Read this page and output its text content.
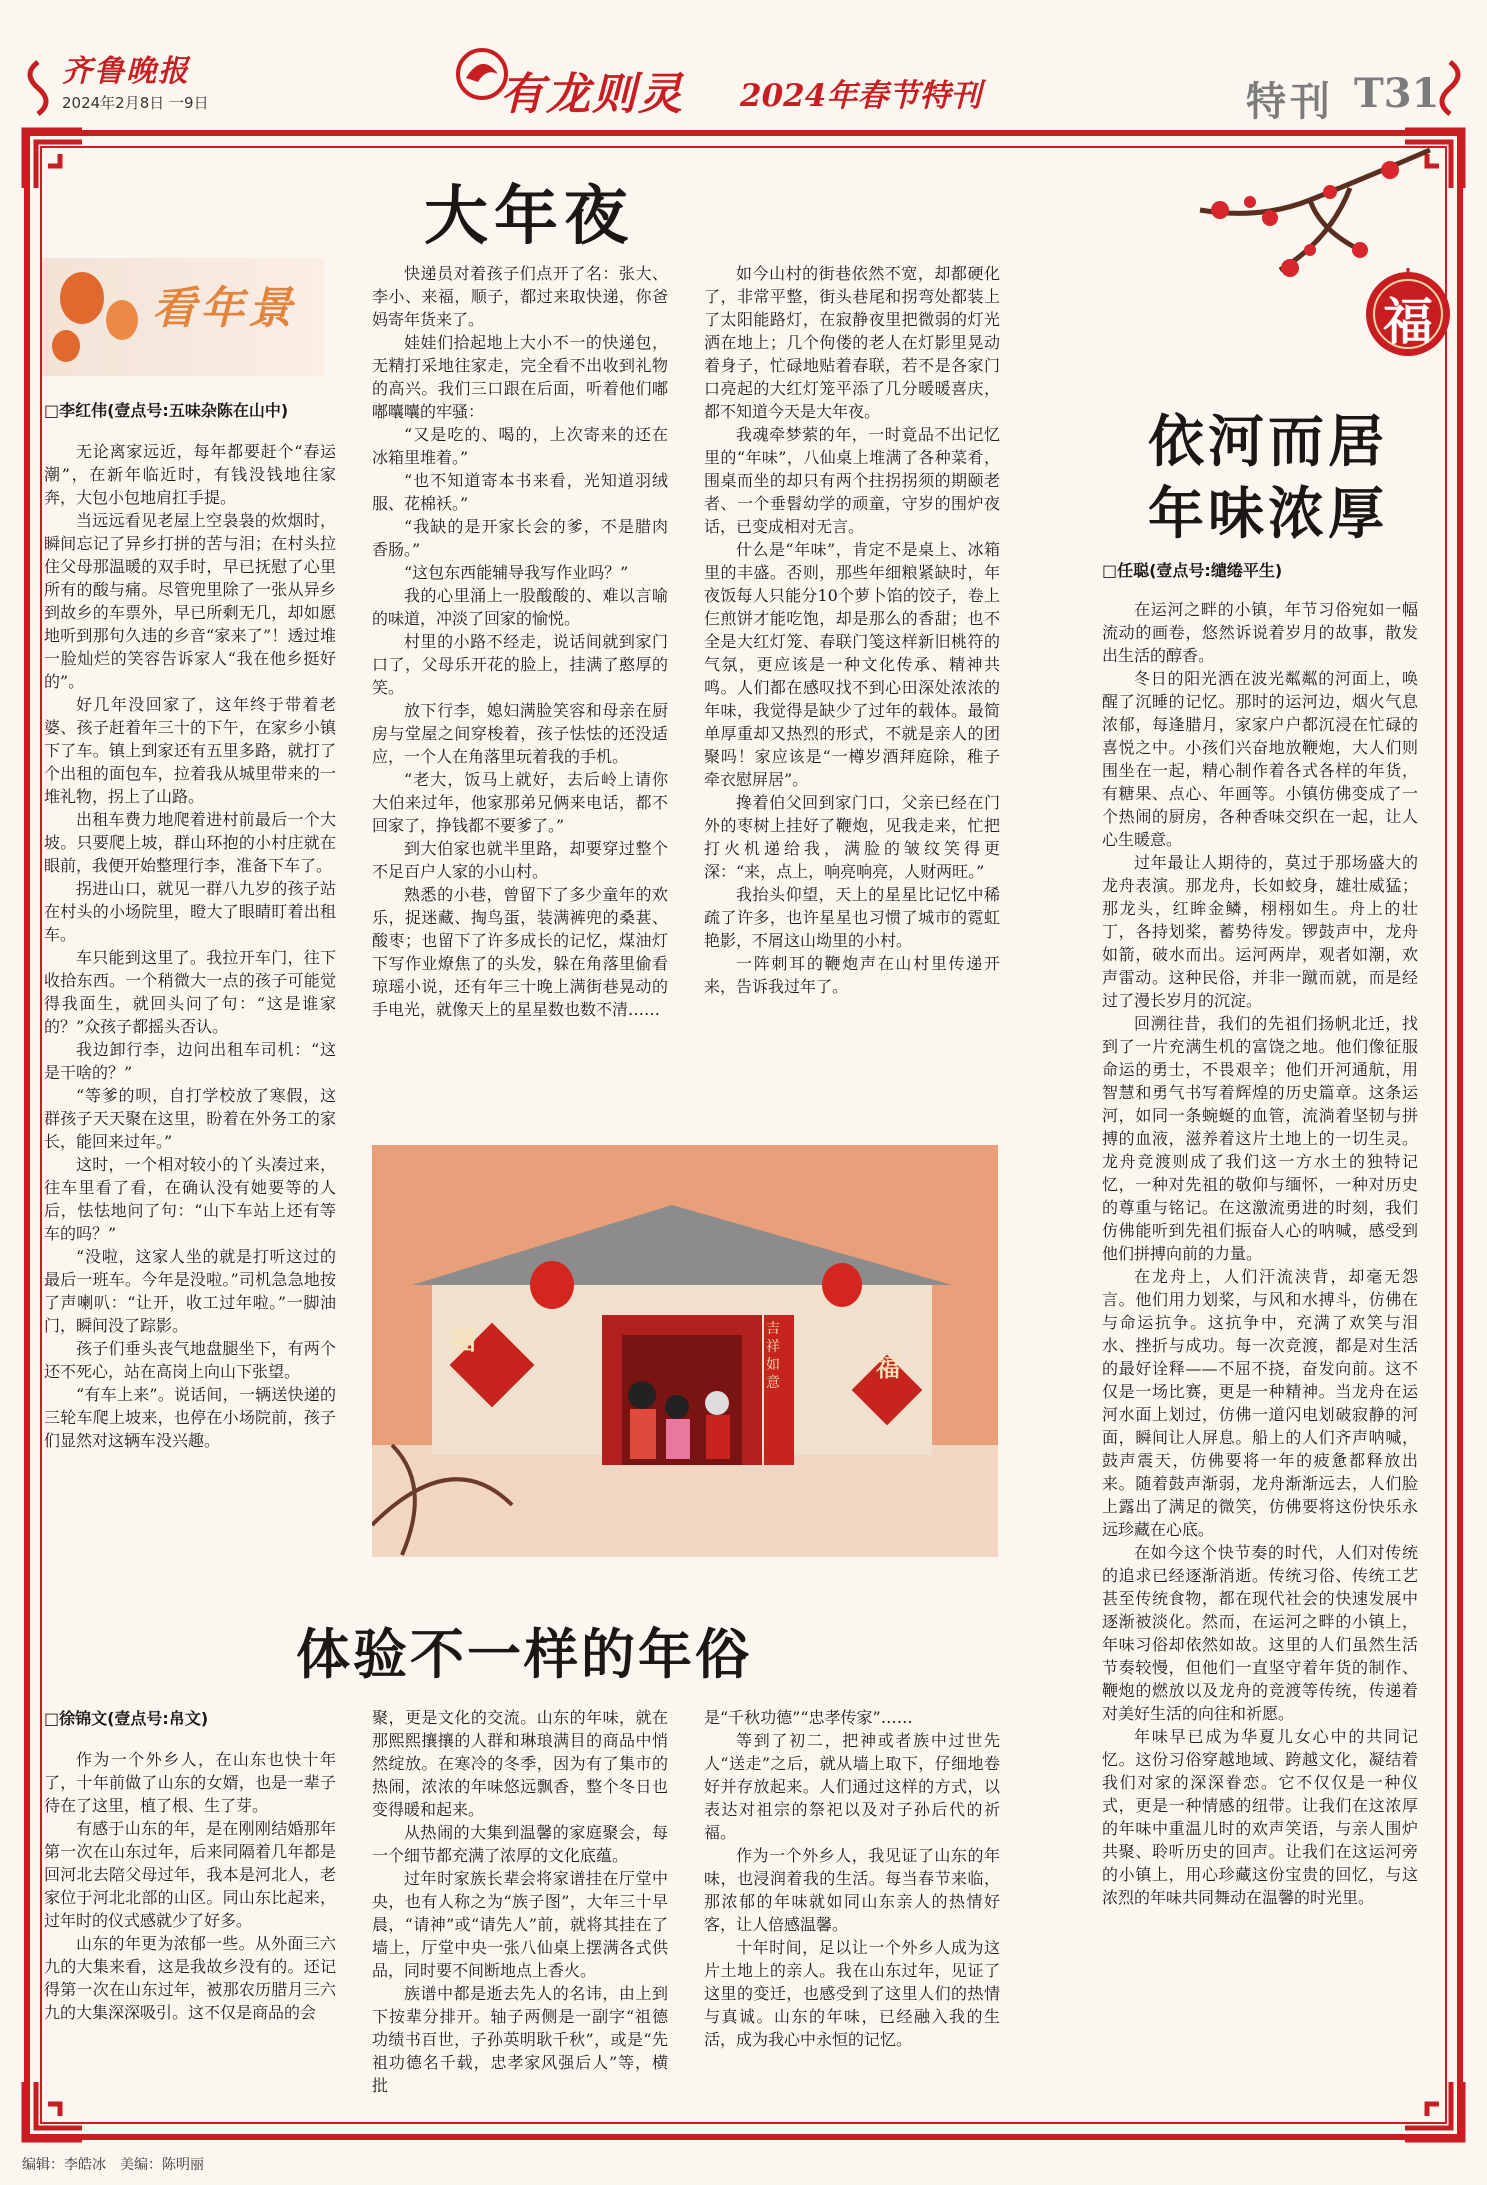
齐鲁晚报
2024年2月8日 一9日	有龙则灵 2024年春节特刊	特刊 T31
福
大年夜
看年景
□李红伟(壹点号:五味杂陈在山中)

无论离家远近，每年都要赶个“春运潮”，在新年临近时，有钱没钱地往家奔，大包小包地肩扛手提。

当远远看见老屋上空袅袅的炊烟时，瞬间忘记了异乡打拼的苦与泪；在村头拉住父母那温暖的双手时，早已抚慰了心里所有的酸与痛。尽管兜里除了一张从异乡到故乡的车票外，早已所剩无几，却如愿地听到那句久违的乡音“家来了”！透过堆一脸灿烂的笑容告诉家人“我在他乡挺好的”。

好几年没回家了，这年终于带着老婆、孩子赶着年三十的下午，在家乡小镇下了车。镇上到家还有五里多路，就打了个出租的面包车，拉着我从城里带来的一堆礼物，拐上了山路。

出租车费力地爬着进村前最后一个大坡。只要爬上坡，群山环抱的小村庄就在眼前，我便开始整理行李，准备下车了。

拐进山口，就见一群八九岁的孩子站在村头的小场院里，瞪大了眼睛盯着出租车。

车只能到这里了。我拉开车门，往下收拾东西。一个稍微大一点的孩子可能觉得我面生，就回头问了句：“这是谁家的？”众孩子都摇头否认。

我边卸行李，边问出租车司机：“这是干啥的？”

“等爹的呗，自打学校放了寒假，这群孩子天天聚在这里，盼着在外务工的家长，能回来过年。”

这时，一个相对较小的丫头凑过来，往车里看了看，在确认没有她要等的人后，怯怯地问了句：“山下车站上还有等车的吗？”

“没啦，这家人坐的就是打听这过的最后一班车。今年是没啦。”司机急急地按了声喇叭：“让开，收工过年啦。”一脚油门，瞬间没了踪影。

孩子们垂头丧气地盘腿坐下，有两个还不死心，站在高岗上向山下张望。

“有车上来”。说话间，一辆送快递的三轮车爬上坡来，也停在小场院前，孩子们显然对这辆车没兴趣。

快递员对着孩子们点开了名：张大、李小、来福，顺子，都过来取快递，你爸妈寄年货来了。

娃娃们拾起地上大小不一的快递包，无精打采地往家走，完全看不出收到礼物的高兴。我们三口跟在后面，听着他们嘟嘟囔囔的牢骚：

“又是吃的、喝的，上次寄来的还在冰箱里堆着。”

“也不知道寄本书来看，光知道羽绒服、花棉袄。”

“我缺的是开家长会的爹，不是腊肉香肠。”

“这包东西能辅导我写作业吗？”

我的心里涌上一股酸酸的、难以言喻的味道，冲淡了回家的愉悦。

村里的小路不经走，说话间就到家门口了，父母乐开花的脸上，挂满了憨厚的笑。

放下行李，媳妇满脸笑容和母亲在厨房与堂屋之间穿梭着，孩子怯怯的还没适应，一个人在角落里玩着我的手机。

“老大，饭马上就好，去后岭上请你大伯来过年，他家那弟兄俩来电话，都不回家了，挣钱都不要爹了。”

到大伯家也就半里路，却要穿过整个不足百户人家的小山村。

熟悉的小巷，曾留下了多少童年的欢乐，捉迷藏、掏鸟蛋，装满裤兜的桑葚、酸枣；也留下了许多成长的记忆，煤油灯下写作业燎焦了的头发，躲在角落里偷看琼瑶小说，还有年三十晚上满街巷晃动的手电光，就像天上的星星数也数不清……

如今山村的街巷依然不宽，却都硬化了，非常平整，街头巷尾和拐弯处都装上了太阳能路灯，在寂静夜里把微弱的灯光洒在地上；几个佝偻的老人在灯影里晃动着身子，忙碌地贴着春联，若不是各家门口亮起的大红灯笼平添了几分暖暖喜庆，都不知道今天是大年夜。

我魂牵梦萦的年，一时竟品不出记忆里的“年味”，八仙桌上堆满了各种菜肴，围桌而坐的却只有两个拄拐拐须的期颐老者、一个垂髫幼学的顽童，守岁的围炉夜话，已变成相对无言。

什么是“年味”，肯定不是桌上、冰箱里的丰盛。否则，那些年细粮紧缺时，年夜饭每人只能分10个萝卜馅的饺子，卷上仨煎饼才能吃饱，却是那么的香甜；也不全是大红灯笼、春联门笺这样新旧桃符的气氛，更应该是一种文化传承、精神共鸣。人们都在感叹找不到心田深处浓浓的年味，我觉得是缺少了过年的载体。最简单厚重却又热烈的形式，不就是亲人的团聚吗！家应该是“一樽岁酒拜庭除，稚子牵衣慰屏居”。

搀着伯父回到家门口，父亲已经在门外的枣树上挂好了鞭炮，见我走来，忙把打火机递给我，满脸的皱纹笑得更深：“来，点上，响亮响亮，人财两旺。”

我抬头仰望，天上的星星比记忆中稀疏了许多，也许星星也习惯了城市的霓虹艳影，不屑这山坳里的小村。

一阵刺耳的鞭炮声在山村里传递开来，告诉我过年了。

福
福
吉祥如意
体验不一样的年俗
□徐锦文(壹点号:帛文)

作为一个外乡人，在山东也快十年了，十年前做了山东的女婿，也是一辈子待在了这里，植了根、生了芽。

有感于山东的年，是在刚刚结婚那年第一次在山东过年，后来同隔着几年都是回河北去陪父母过年，我本是河北人，老家位于河北北部的山区。同山东比起来，过年时的仪式感就少了好多。

山东的年更为浓郁一些。从外面三六九的大集来看，这是我故乡没有的。还记得第一次在山东过年，被那农历腊月三六九的大集深深吸引。这不仅是商品的会

聚，更是文化的交流。山东的年味，就在那熙熙攘攘的人群和琳琅满目的商品中悄然绽放。在寒冷的冬季，因为有了集市的热闹，浓浓的年味悠远飘香，整个冬日也变得暖和起来。

从热闹的大集到温馨的家庭聚会，每一个细节都充满了浓厚的文化底蕴。

过年时家族长辈会将家谱挂在厅堂中央，也有人称之为“族子图”，大年三十早晨，“请神”或“请先人”前，就将其挂在了墙上，厅堂中央一张八仙桌上摆满各式供品，同时要不间断地点上香火。

族谱中都是逝去先人的名讳，由上到下按辈分排开。轴子两侧是一副字“祖德功绩书百世，子孙英明耿千秋”，或是“先祖功德名千载，忠孝家风强后人”等，横批

是“千秋功德”“忠孝传家”……

等到了初二，把神或者族中过世先人“送走”之后，就从墙上取下，仔细地卷好并存放起来。人们通过这样的方式，以表达对祖宗的祭祀以及对子孙后代的祈福。

作为一个外乡人，我见证了山东的年味，也浸润着我的生活。每当春节来临，那浓郁的年味就如同山东亲人的热情好客，让人倍感温馨。

十年时间，足以让一个外乡人成为这片土地上的亲人。我在山东过年，见证了这里的变迁，也感受到了这里人们的热情与真诚。山东的年味，已经融入我的生活，成为我心中永恒的记忆。

依河而居
年味浓厚
□任聪(壹点号:缱绻平生)

在运河之畔的小镇，年节习俗宛如一幅流动的画卷，悠然诉说着岁月的故事，散发出生活的醇香。

冬日的阳光洒在波光粼粼的河面上，唤醒了沉睡的记忆。那时的运河边，烟火气息浓郁，每逢腊月，家家户户都沉浸在忙碌的喜悦之中。小孩们兴奋地放鞭炮，大人们则围坐在一起，精心制作着各式各样的年货，有糖果、点心、年画等。小镇仿佛变成了一个热闹的厨房，各种香味交织在一起，让人心生暖意。

过年最让人期待的，莫过于那场盛大的龙舟表演。那龙舟，长如蛟身，雄壮威猛；那龙头，红眸金鳞，栩栩如生。舟上的壮丁，各持划桨，蓄势待发。锣鼓声中，龙舟如箭，破水而出。运河两岸，观者如潮，欢声雷动。这种民俗，并非一蹴而就，而是经过了漫长岁月的沉淀。

回溯往昔，我们的先祖们扬帆北迁，找到了一片充满生机的富饶之地。他们像征服命运的勇士，不畏艰辛；他们开河通航，用智慧和勇气书写着辉煌的历史篇章。这条运河，如同一条蜿蜒的血管，流淌着坚韧与拼搏的血液，滋养着这片土地上的一切生灵。龙舟竞渡则成了我们这一方水土的独特记忆，一种对先祖的敬仰与缅怀，一种对历史的尊重与铭记。在这激流勇进的时刻，我们仿佛能听到先祖们振奋人心的呐喊，感受到他们拼搏向前的力量。

在龙舟上，人们汗流浃背，却毫无怨言。他们用力划桨，与风和水搏斗，仿佛在与命运抗争。这抗争中，充满了欢笑与泪水、挫折与成功。每一次竞渡，都是对生活的最好诠释——不屈不挠，奋发向前。这不仅是一场比赛，更是一种精神。当龙舟在运河水面上划过，仿佛一道闪电划破寂静的河面，瞬间让人屏息。船上的人们齐声呐喊，鼓声震天，仿佛要将一年的疲惫都释放出来。随着鼓声渐弱，龙舟渐渐远去，人们脸上露出了满足的微笑，仿佛要将这份快乐永远珍藏在心底。

在如今这个快节奏的时代，人们对传统的追求已经逐渐消逝。传统习俗、传统工艺甚至传统食物，都在现代社会的快速发展中逐渐被淡化。然而，在运河之畔的小镇上，年味习俗却依然如故。这里的人们虽然生活节奏较慢，但他们一直坚守着年货的制作、鞭炮的燃放以及龙舟的竞渡等传统，传递着对美好生活的向往和祈愿。

年味早已成为华夏儿女心中的共同记忆。这份习俗穿越地域、跨越文化，凝结着我们对家的深深眷恋。它不仅仅是一种仪式，更是一种情感的纽带。让我们在这浓厚的年味中重温儿时的欢声笑语，与亲人围炉共聚、聆听历史的回声。让我们在这运河旁的小镇上，用心珍藏这份宝贵的回忆，与这浓烈的年味共同舞动在温馨的时光里。

编辑：李皓冰　美编：陈明丽
